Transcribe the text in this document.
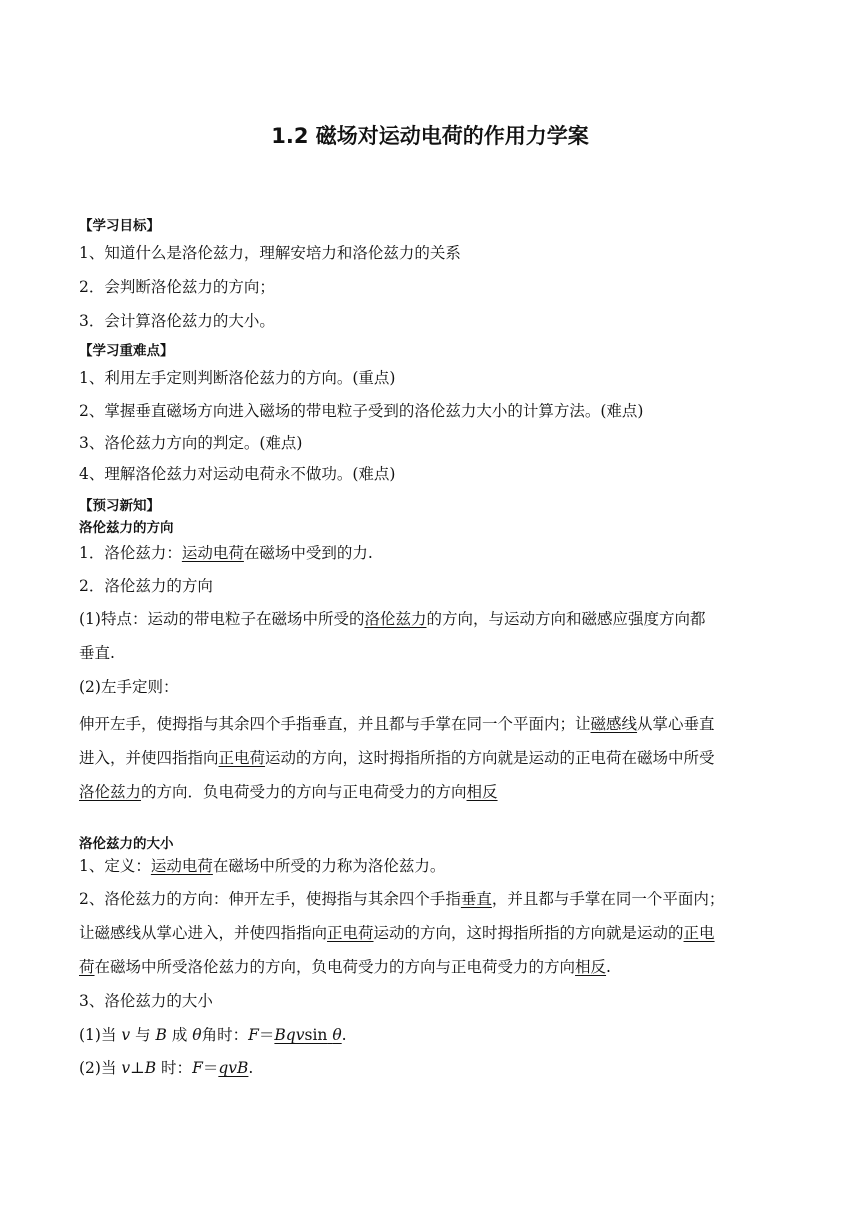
1.2 磁场对运动电荷的作用力学案
【学习目标】
1、知道什么是洛伦兹力，理解安培力和洛伦兹力的关系
2．会判断洛伦兹力的方向；
3．会计算洛伦兹力的大小。
【学习重难点】
1、利用左手定则判断洛伦兹力的方向。(重点)
2、掌握垂直磁场方向进入磁场的带电粒子受到的洛伦兹力大小的计算方法。(难点)
3、洛伦兹力方向的判定。(难点)
4、理解洛伦兹力对运动电荷永不做功。(难点)
【预习新知】
洛伦兹力的方向
1．洛伦兹力：运动电荷在磁场中受到的力.
2．洛伦兹力的方向
(1)特点：运动的带电粒子在磁场中所受的洛伦兹力的方向，与运动方向和磁感应强度方向都
垂直.
(2)左手定则：
伸开左手，使拇指与其余四个手指垂直，并且都与手掌在同一个平面内；让磁感线从掌心垂直
进入，并使四指指向正电荷运动的方向，这时拇指所指的方向就是运动的正电荷在磁场中所受
洛伦兹力的方向．负电荷受力的方向与正电荷受力的方向相反
洛伦兹力的大小
1、定义：运动电荷在磁场中所受的力称为洛伦兹力。
2、洛伦兹力的方向：伸开左手，使拇指与其余四个手指垂直，并且都与手掌在同一个平面内；
让磁感线从掌心进入，并使四指指向正电荷运动的方向，这时拇指所指的方向就是运动的正电
荷在磁场中所受洛伦兹力的方向，负电荷受力的方向与正电荷受力的方向相反.
3、洛伦兹力的大小
(1)当 v 与 B 成 θ角时：F＝Bqvsin θ.
(2)当 v⊥B 时：F＝qvB.
